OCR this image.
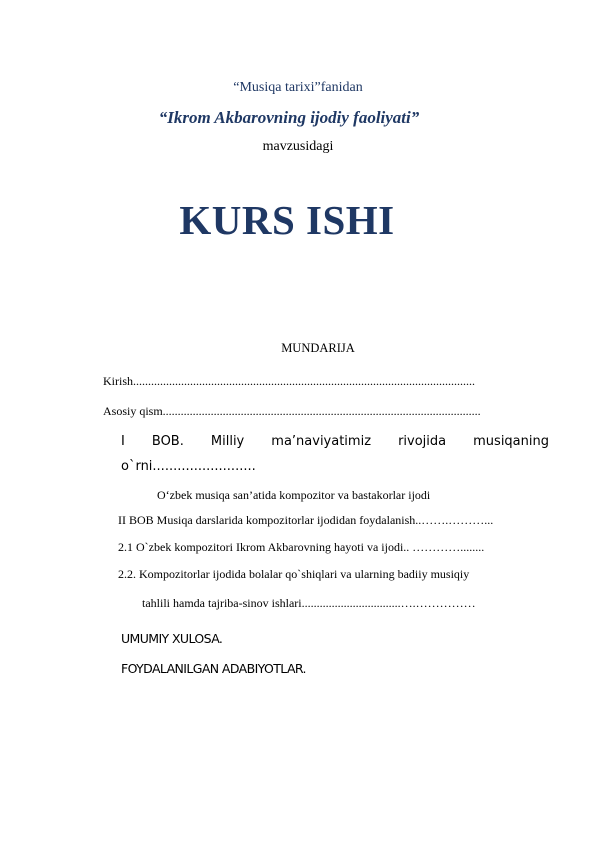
“Musiqa tarixi”fanidan
“Ikrom Akbarovning ijodiy faoliyati”
mavzusidagi
KURS ISHI
MUNDARIJA
Kirish..................................................................................................................
Asosiy qism..........................................................................................................
I BOB. Milliy ma’naviyatimiz rivojida musiqaning
o`rni.........................
O‘zbek musiqa san’atida kompozitor va bastakorlar ijodi
II BOB Musiqa darslarida kompozitorlar ijodidan foydalanish..…….………...
2.1 O`zbek kompozitori Ikrom Akbarovning hayoti va ijodi.. …………........
2.2. Kompozitorlar ijodida bolalar qo`shiqlari va ularning badiiy musiqiy
tahlili hamda tajriba-sinov ishlari.................................….……………
UMUMIY XULOSA.
FOYDALANILGAN ADABIYOTLAR.
